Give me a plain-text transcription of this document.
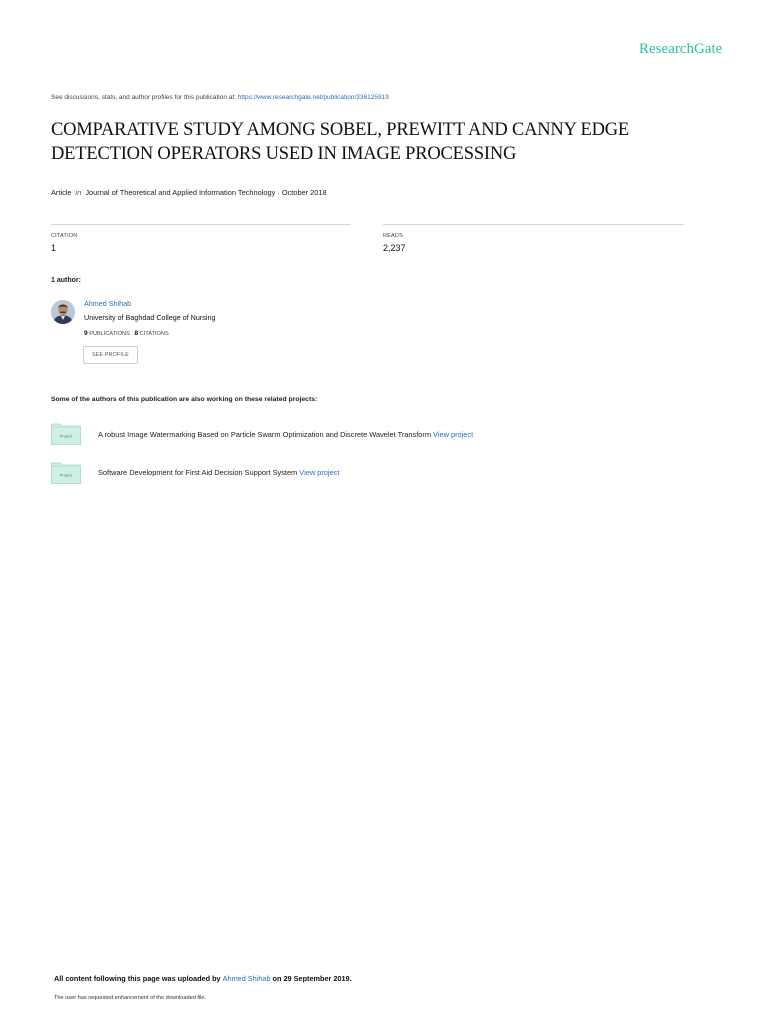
ResearchGate
See discussions, stats, and author profiles for this publication at: https://www.researchgate.net/publication/336125919
COMPARATIVE STUDY AMONG SOBEL, PREWITT AND CANNY EDGE DETECTION OPERATORS USED IN IMAGE PROCESSING
Article in Journal of Theoretical and Applied Information Technology · October 2018
CITATION
1
READS
2,237
1 author:
Ahmed Shihab
University of Baghdad College of Nursing
9 PUBLICATIONS 8 CITATIONS
SEE PROFILE
Some of the authors of this publication are also working on these related projects:
Project	A robust Image Watermarking Based on Particle Swarm Optimization and Discrete Wavelet Transform View project
Project	Software Development for First Aid Decision Support System View project
All content following this page was uploaded by Ahmed Shihab on 29 September 2019.
The user has requested enhancement of the downloaded file.
